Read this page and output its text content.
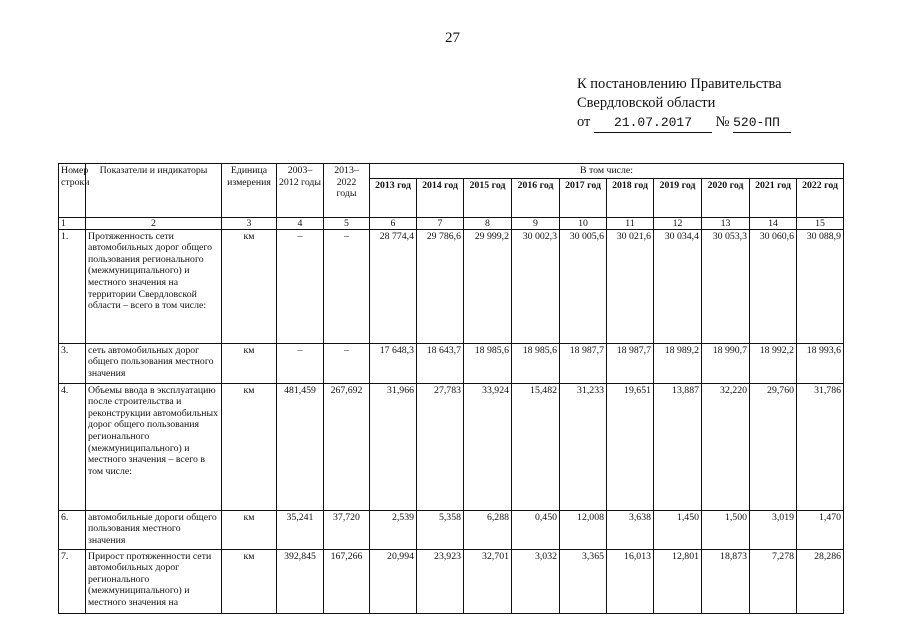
27
К постановлению Правительства
Свердловской области
от 21.07.2017 № 520-ПП
Номер строки	Показатели и индикаторы	Единица измерения	2003–2012 годы	2013–2022 годы	В том числе:									
					2013 год	2014 год	2015 год	2016 год	2017 год	2018 год	2019 год	2020 год	2021 год	2022 год
1	2	3	4	5	6	7	8	9	10	11	12	13	14	15
1.	Протяженность сети автомобильных дорог общего пользования регионального (межмуниципального) и местного значения на территории Свердловской области – всего в том числе:	км	–	–	28 774,4	29 786,6	29 999,2	30 002,3	30 005,6	30 021,6	30 034,4	30 053,3	30 060,6	30 088,9
3.	сеть автомобильных дорог общего пользования местного значения	км	–	–	17 648,3	18 643,7	18 985,6	18 985,6	18 987,7	18 987,7	18 989,2	18 990,7	18 992,2	18 993,6
4.	Объемы ввода в эксплуатацию после строительства и реконструкции автомобильных дорог общего пользования регионального (межмуниципального) и местного значения – всего в том числе:	км	481,459	267,692	31,966	27,783	33,924	15,482	31,233	19,651	13,887	32,220	29,760	31,786
6.	автомобильные дороги общего пользования местного значения	км	35,241	37,720	2,539	5,358	6,288	0,450	12,008	3,638	1,450	1,500	3,019	1,470
7.	Прирост протяженности сети автомобильных дорог регионального (межмуниципального) и местного значения на	км	392,845	167,266	20,994	23,923	32,701	3,032	3,365	16,013	12,801	18,873	7,278	28,286
